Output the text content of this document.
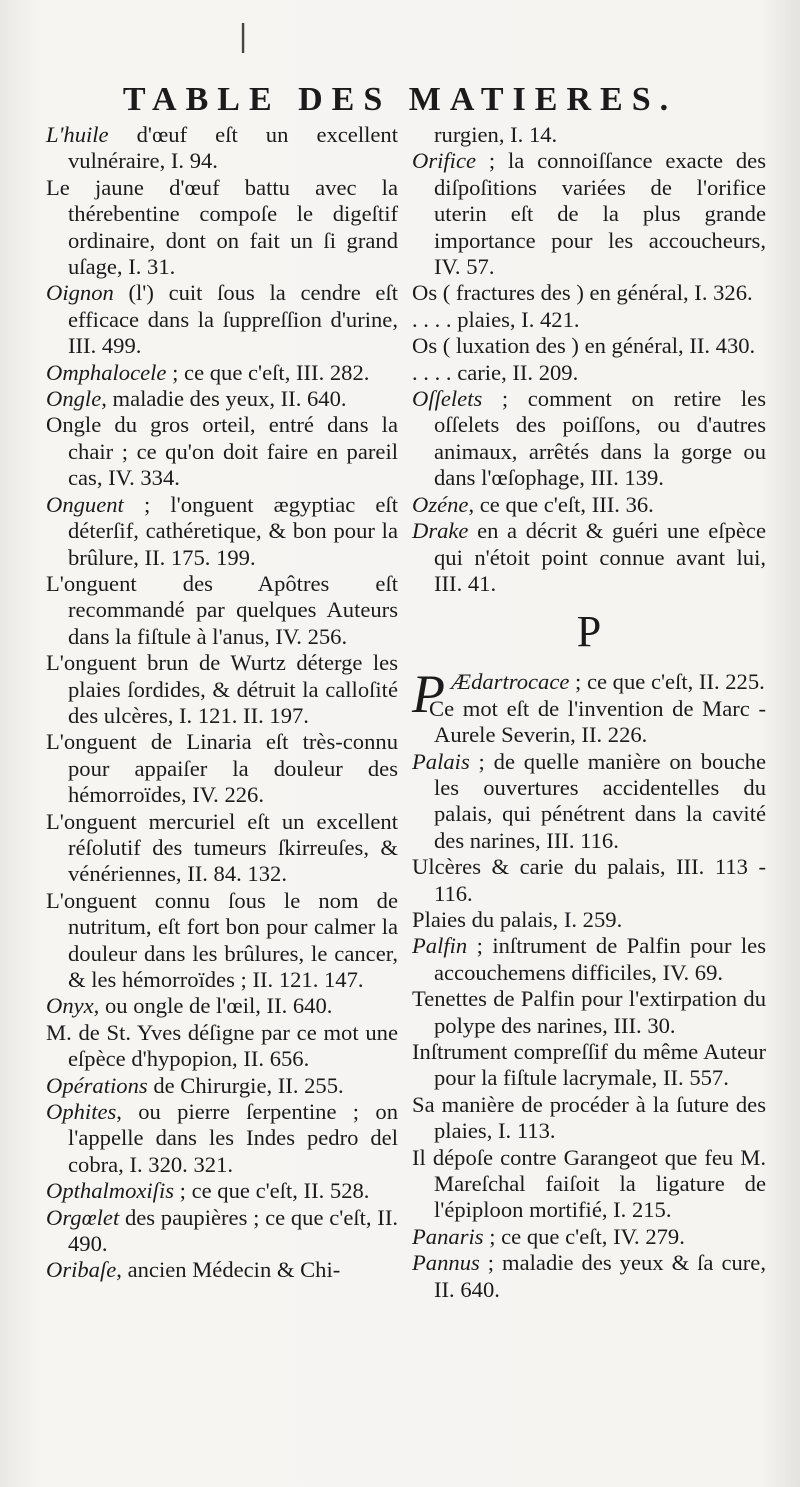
|
TABLE DES MATIERES.

L'huile d'œuf eſt un excellent vulnéraire, I. 94.

Le jaune d'œuf battu avec la thérebentine compoſe le digeſtif ordinaire, dont on fait un ſi grand uſage, I. 31.

Oignon (l') cuit ſous la cendre eſt efficace dans la ſuppreſſion d'urine, III. 499.

Omphalocele ; ce que c'eſt, III. 282.

Ongle, maladie des yeux, II. 640.

Ongle du gros orteil, entré dans la chair ; ce qu'on doit faire en pareil cas, IV. 334.

Onguent ; l'onguent ægyptiac eſt déterſif, cathéretique, & bon pour la brûlure, II. 175. 199.

L'onguent des Apôtres eſt recommandé par quelques Auteurs dans la fiſtule à l'anus, IV. 256.

L'onguent brun de Wurtz déterge les plaies ſordides, & détruit la calloſité des ulcères, I. 121. II. 197.

L'onguent de Linaria eſt très-connu pour appaiſer la douleur des hémorroïdes, IV. 226.

L'onguent mercuriel eſt un excellent réſolutif des tumeurs ſkirreuſes, & vénériennes, II. 84. 132.

L'onguent connu ſous le nom de nutritum, eſt fort bon pour calmer la douleur dans les brûlures, le cancer, & les hémorroïdes ; II. 121. 147.

Onyx, ou ongle de l'œil, II. 640.

M. de St. Yves déſigne par ce mot une eſpèce d'hypopion, II. 656.

Opérations de Chirurgie, II. 255.

Ophites, ou pierre ſerpentine ; on l'appelle dans les Indes pedro del cobra, I. 320. 321.

Opthalmoxiſis ; ce que c'eſt, II. 528.

Orgœlet des paupières ; ce que c'eſt, II. 490.

Oribaſe, ancien Médecin & Chi-

rurgien, I. 14.

Orifice ; la connoiſſance exacte des diſpoſitions variées de l'orifice uterin eſt de la plus grande importance pour les accoucheurs, IV. 57.

Os ( fractures des ) en général, I. 326.

. . . . plaies, I. 421.

Os ( luxation des ) en général, II. 430.

. . . . carie, II. 209.

Oſſelets ; comment on retire les oſſelets des poiſſons, ou d'autres animaux, arrêtés dans la gorge ou dans l'œſophage, III. 139.

Ozéne, ce que c'eſt, III. 36.

Drake en a décrit & guéri une eſpèce qui n'étoit point connue avant lui, III. 41.

P

P Ædartrocace ; ce que c'eſt, II. 225.

Ce mot eſt de l'invention de Marc - Aurele Severin, II. 226.

Palais ; de quelle manière on bouche les ouvertures accidentelles du palais, qui pénétrent dans la cavité des narines, III. 116.

Ulcères & carie du palais, III. 113 - 116.

Plaies du palais, I. 259.

Palfin ; inſtrument de Palfin pour les accouchemens difficiles, IV. 69.

Tenettes de Palfin pour l'extirpation du polype des narines, III. 30.

Inſtrument compreſſif du même Auteur pour la fiſtule lacrymale, II. 557.

Sa manière de procéder à la ſuture des plaies, I. 113.

Il dépoſe contre Garangeot que feu M. Mareſchal faiſoit la ligature de l'épiploon mortifié, I. 215.

Panaris ; ce que c'eſt, IV. 279.

Pannus ; maladie des yeux & ſa cure, II. 640.
